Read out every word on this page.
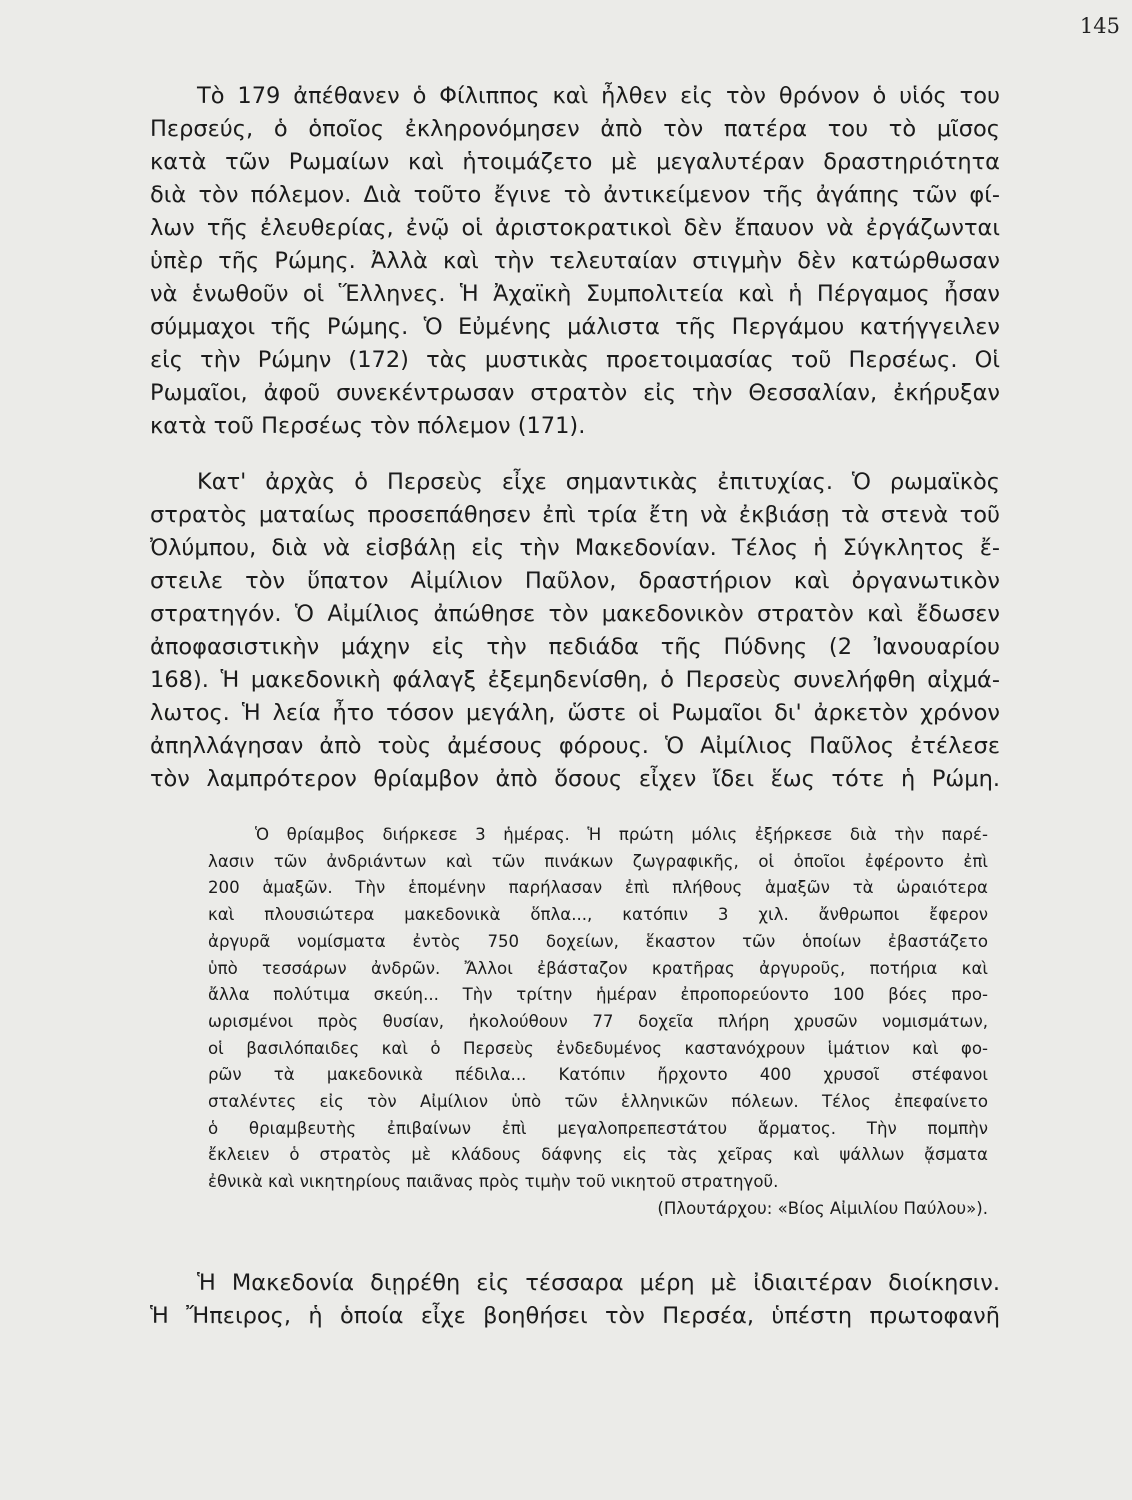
145
Τὸ 179 ἀπέθανεν ὁ Φίλιππος καὶ ἦλθεν εἰς τὸν θρόνον ὁ υἱός του
Περσεύς, ὁ ὁποῖος ἐκληρονόμησεν ἀπὸ τὸν πατέρα του τὸ μῖσος
κατὰ τῶν Ρωμαίων καὶ ἡτοιμάζετο μὲ μεγαλυτέραν δραστηριότητα
διὰ τὸν πόλεμον. Διὰ τοῦτο ἔγινε τὸ ἀντικείμενον τῆς ἀγάπης τῶν φί-
λων τῆς ἐλευθερίας, ἐνῷ οἱ ἀριστοκρατικοὶ δὲν ἔπαυον νὰ ἐργάζωνται
ὑπὲρ τῆς Ρώμης. Ἀλλὰ καὶ τὴν τελευταίαν στιγμὴν δὲν κατώρθωσαν
νὰ ἑνωθοῦν οἱ Ἕλληνες. Ἡ Ἀχαϊκὴ Συμπολιτεία καὶ ἡ Πέργαμος ἦσαν
σύμμαχοι τῆς Ρώμης. Ὁ Εὐμένης μάλιστα τῆς Περγάμου κατήγγειλεν
εἰς τὴν Ρώμην (172) τὰς μυστικὰς προετοιμασίας τοῦ Περσέως. Οἱ
Ρωμαῖοι, ἀφοῦ συνεκέντρωσαν στρατὸν εἰς τὴν Θεσσαλίαν, ἐκήρυξαν
κατὰ τοῦ Περσέως τὸν πόλεμον (171).
Κατ' ἀρχὰς ὁ Περσεὺς εἶχε σημαντικὰς ἐπιτυχίας. Ὁ ρωμαϊκὸς
στρατὸς ματαίως προσεπάθησεν ἐπὶ τρία ἔτη νὰ ἐκβιάσῃ τὰ στενὰ τοῦ
Ὀλύμπου, διὰ νὰ εἰσβάλῃ εἰς τὴν Μακεδονίαν. Τέλος ἡ Σύγκλητος ἔ-
στειλε τὸν ὕπατον Αἰμίλιον Παῦλον, δραστήριον καὶ ὀργανωτικὸν
στρατηγόν. Ὁ Αἰμίλιος ἀπώθησε τὸν μακεδονικὸν στρατὸν καὶ ἔδωσεν
ἀποφασιστικὴν μάχην εἰς τὴν πεδιάδα τῆς Πύδνης (2 Ἰανουαρίου
168). Ἡ μακεδονικὴ φάλαγξ ἐξεμηδενίσθη, ὁ Περσεὺς συνελήφθη αἰχμά-
λωτος. Ἡ λεία ἦτο τόσον μεγάλη, ὥστε οἱ Ρωμαῖοι δι' ἀρκετὸν χρόνον
ἀπηλλάγησαν ἀπὸ τοὺς ἀμέσους φόρους. Ὁ Αἰμίλιος Παῦλος ἐτέλεσε
τὸν λαμπρότερον θρίαμβον ἀπὸ ὅσους εἶχεν ἴδει ἕως τότε ἡ Ρώμη.
Ὁ θρίαμβος διήρκεσε 3 ἡμέρας. Ἡ πρώτη μόλις ἐξήρκεσε διὰ τὴν παρέ-
λασιν τῶν ἀνδριάντων καὶ τῶν πινάκων ζωγραφικῆς, οἱ ὁποῖοι ἐφέροντο ἐπὶ
200 ἁμαξῶν. Τὴν ἑπομένην παρήλασαν ἐπὶ πλήθους ἁμαξῶν τὰ ὡραιότερα
καὶ πλουσιώτερα μακεδονικὰ ὅπλα..., κατόπιν 3 χιλ. ἄνθρωποι ἔφερον
ἀργυρᾶ νομίσματα ἐντὸς 750 δοχείων, ἕκαστον τῶν ὁποίων ἐβαστάζετο
ὑπὸ τεσσάρων ἀνδρῶν. Ἄλλοι ἐβάσταζον κρατῆρας ἀργυροῦς, ποτήρια καὶ
ἄλλα πολύτιμα σκεύη... Τὴν τρίτην ἡμέραν ἐπροπορεύοντο 100 βόες προ-
ωρισμένοι πρὸς θυσίαν, ἠκολούθουν 77 δοχεῖα πλήρη χρυσῶν νομισμάτων,
οἱ βασιλόπαιδες καὶ ὁ Περσεὺς ἐνδεδυμένος καστανόχρουν ἱμάτιον καὶ φο-
ρῶν τὰ μακεδονικὰ πέδιλα... Κατόπιν ἤρχοντο 400 χρυσοῖ στέφανοι
σταλέντες εἰς τὸν Αἰμίλιον ὑπὸ τῶν ἑλληνικῶν πόλεων. Τέλος ἐπεφαίνετο
ὁ θριαμβευτὴς ἐπιβαίνων ἐπὶ μεγαλοπρεπεστάτου ἅρματος. Τὴν πομπὴν
ἔκλειεν ὁ στρατὸς μὲ κλάδους δάφνης εἰς τὰς χεῖρας καὶ ψάλλων ᾄσματα
ἐθνικὰ καὶ νικητηρίους παιᾶνας πρὸς τιμὴν τοῦ νικητοῦ στρατηγοῦ.
(Πλουτάρχου: «Βίος Αἰμιλίου Παύλου»).
Ἡ Μακεδονία διῃρέθη εἰς τέσσαρα μέρη μὲ ἰδιαιτέραν διοίκησιν.
Ἡ Ἤπειρος, ἡ ὁποία εἶχε βοηθήσει τὸν Περσέα, ὑπέστη πρωτοφανῆ
